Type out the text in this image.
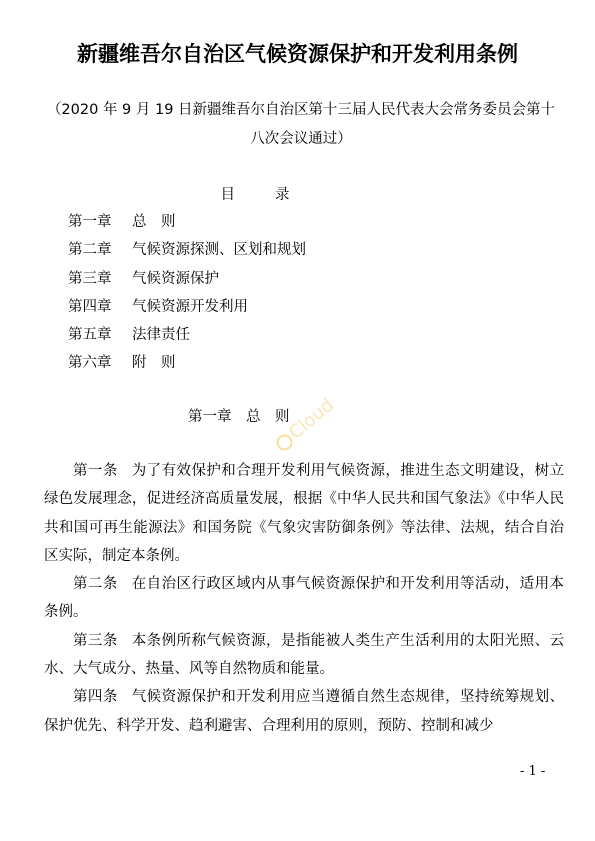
新疆维吾尔自治区气候资源保护和开发利用条例
（2020 年 9 月 19 日新疆维吾尔自治区第十三届人民代表大会常务委员会第十八次会议通过）
目录
第一章 总　则
第二章 气候资源探测、区划和规划
第三章 气候资源保护
第四章 气候资源开发利用
第五章 法律责任
第六章 附　则
第一章　总　则
Cloud

第一条 为了有效保护和合理开发利用气候资源，推进生态文明建设，树立绿色发展理念，促进经济高质量发展，根据《中华人民共和国气象法》《中华人民共和国可再生能源法》和国务院《气象灾害防御条例》等法律、法规，结合自治区实际，制定本条例。

第二条 在自治区行政区域内从事气候资源保护和开发利用等活动，适用本条例。

第三条 本条例所称气候资源，是指能被人类生产生活利用的太阳光照、云水、大气成分、热量、风等自然物质和能量。

第四条 气候资源保护和开发利用应当遵循自然生态规律，坚持统筹规划、保护优先、科学开发、趋利避害、合理利用的原则，预防、控制和减少

- 1 -
